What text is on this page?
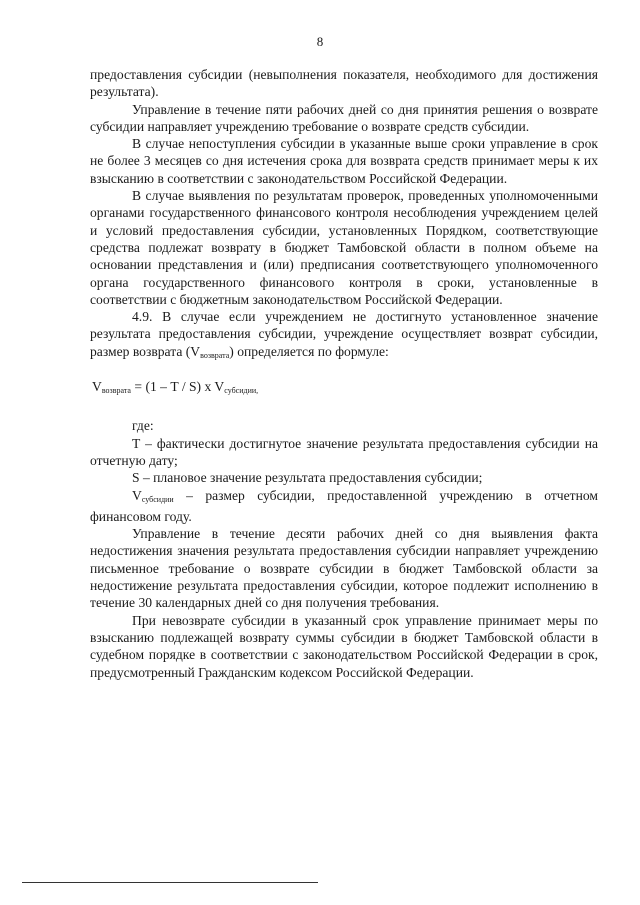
8

предоставления субсидии (невыполнения показателя, необходимого для достижения результата).

Управление в течение пяти рабочих дней со дня принятия решения о возврате субсидии направляет учреждению требование о возврате средств субсидии.

В случае непоступления субсидии в указанные выше сроки управление в срок не более 3 месяцев со дня истечения срока для возврата средств принимает меры к их взысканию в соответствии с законодательством Российской Федерации.

В случае выявления по результатам проверок, проведенных уполномоченными органами государственного финансового контроля несоблюдения учреждением целей и условий предоставления субсидии, установленных Порядком, соответствующие средства подлежат возврату в бюджет Тамбовской области в полном объеме на основании представления и (или) предписания соответствующего уполномоченного органа государственного финансового контроля в сроки, установленные в соответствии с бюджетным законодательством Российской Федерации.

4.9. В случае если учреждением не достигнуто установленное значение результата предоставления субсидии, учреждение осуществляет возврат субсидии, размер возврата (Vвозврата) определяется по формуле:

$V_{возврата} = (1 - T / S)$ x $V_{субсидии,}$

где:

T – фактически достигнутое значение результата предоставления субсидии на отчетную дату;

S – плановое значение результата предоставления субсидии;

Vсубсидии – размер субсидии, предоставленной учреждению в отчетном финансовом году.

Управление в течение десяти рабочих дней со дня выявления факта недостижения значения результата предоставления субсидии направляет учреждению письменное требование о возврате субсидии в бюджет Тамбовской области за недостижение результата предоставления субсидии, которое подлежит исполнению в течение 30 календарных дней со дня получения требования.

При невозврате субсидии в указанный срок управление принимает меры по взысканию подлежащей возврату суммы субсидии в бюджет Тамбовской области в судебном порядке в соответствии с законодательством Российской Федерации в срок, предусмотренный Гражданским кодексом Российской Федерации.
